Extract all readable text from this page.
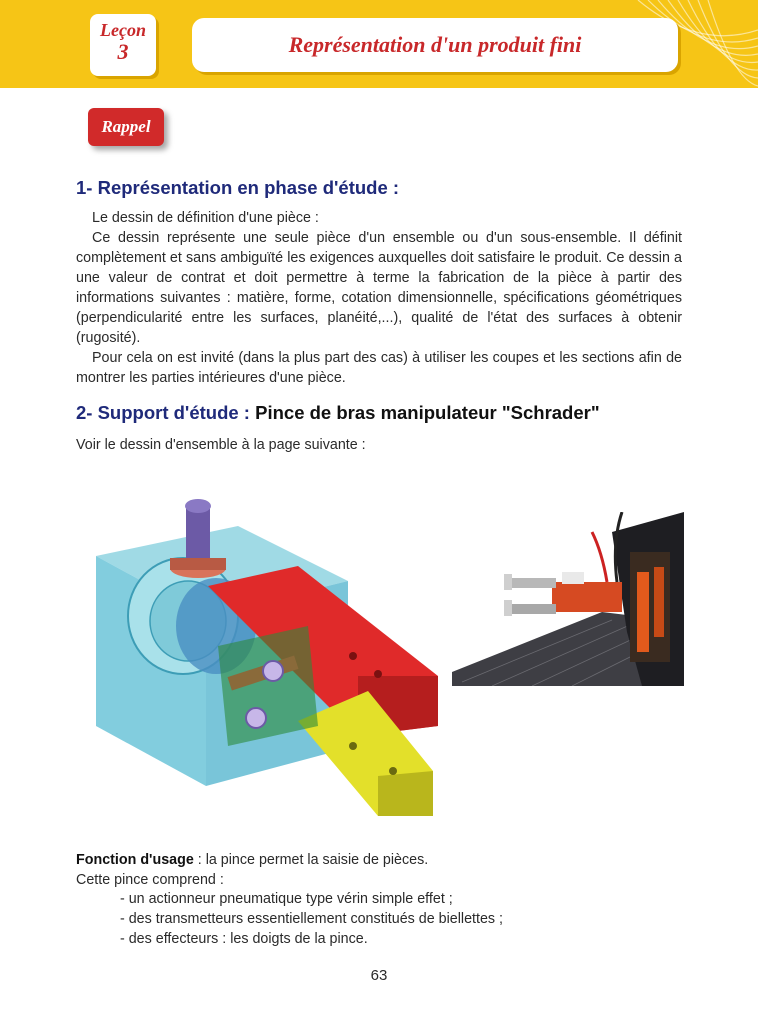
Leçon
3	Représentation d'un produit fini
Rappel
1- Représentation en phase d'étude :
Le dessin de définition d'une pièce :
Ce dessin représente une seule pièce d'un ensemble ou d'un sous-ensemble. Il définit complètement et sans ambiguïté les exigences auxquelles doit satisfaire le produit. Ce dessin a une valeur de contrat et doit permettre à terme la fabrication de la pièce à partir des informations suivantes : matière, forme, cotation dimensionnelle, spécifications géométriques (perpendicularité entre les surfaces, planéité,...), qualité de l'état des surfaces à obtenir (rugosité).
Pour cela on est invité (dans la plus part des cas) à utiliser les coupes et les sections afin de montrer les parties intérieures d'une pièce.
2- Support d'étude : Pince de bras manipulateur "Schrader"
Voir le dessin d'ensemble à la page suivante :
Fonction d'usage : la pince permet la saisie de pièces.
Cette pince comprend :
- un actionneur pneumatique type vérin simple effet ;
- des transmetteurs essentiellement constitués de biellettes ;
- des effecteurs : les doigts de la pince.
63
